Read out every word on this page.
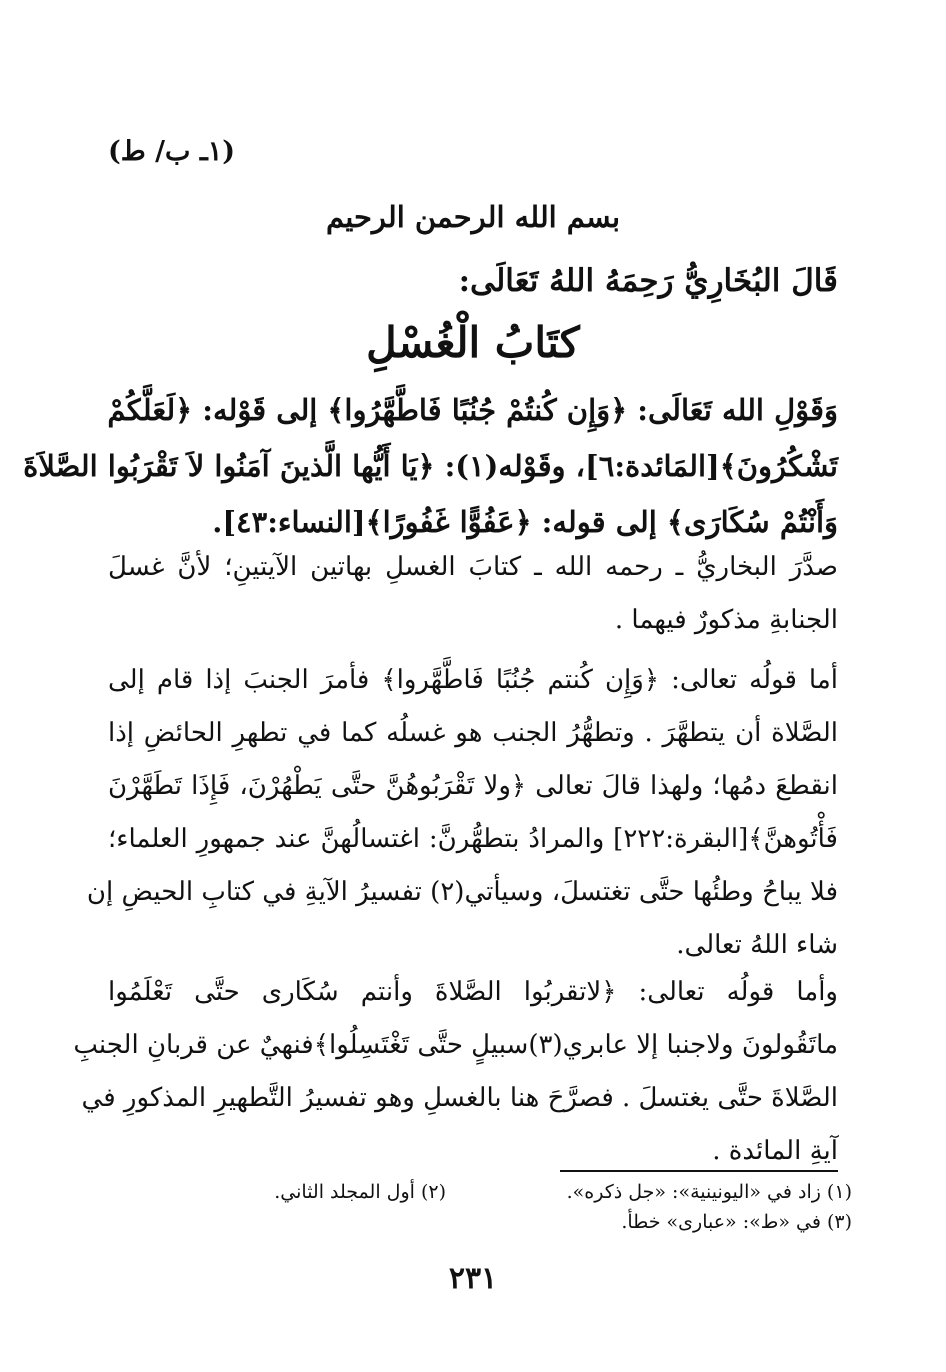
(١ـ ب/ ط)
بسم الله الرحمن الرحيم
قَالَ البُخَارِيُّ رَحِمَهُ اللهُ تَعَالَى:
كتَابُ الْغُسْلِ
وَقَوْلِ الله تَعَالَى: ﴿وَإِن كُنتُمْ جُنُبًا فَاطَّهَّرُوا﴾ إلى قَوْله: ﴿لَعَلَّكُمْ
تَشْكُرُونَ﴾[المَائدة:٦]، وقَوْله(١): ﴿يَا أَيُّها الَّذينَ آمَنُوا لاَ تَقْرَبُوا الصَّلاَةَ
وَأَنْتُمْ سُكَارَى﴾ إلى قوله: ﴿عَفُوًّا غَفُورًا﴾[النساء:٤٣].
صدَّرَ البخاريُّ ـ رحمه الله ـ كتابَ الغسلِ بهاتين الآيتينِ؛ لأنَّ غسلَ
الجنابةِ مذكورٌ فيهما .
أما قولُه تعالى: ﴿وَإِن كُنتم جُنُبًا فَاطَّهَّروا﴾ فأمرَ الجنبَ إذا قام إلى
الصَّلاة أن يتطهَّرَ . وتطهُّرُ الجنب هو غسلُه كما في تطهرِ الحائضِ إذا
انقطعَ دمُها؛ ولهذا قالَ تعالى ﴿ولا تَقْرَبُوهُنَّ حتَّى يَطْهُرْنَ، فَإِذَا تَطَهَّرْنَ
فَأْتُوهنَّ﴾[البقرة:٢٢٢] والمرادُ بتطهُّرنَّ: اغتسالُهنَّ عند جمهورِ العلماء؛
فلا يباحُ وطئُها حتَّى تغتسلَ، وسيأتي(٢) تفسيرُ الآيةِ في كتابِ الحيضِ إن
شاء اللهُ تعالى.
وأما قولُه تعالى: ﴿لاتقربُوا الصَّلاةَ وأنتم سُكَارى حتَّى تَعْلَمُوا
ماتَقُولونَ ولاجنبا إلا عابري(٣)سبيلٍ حتَّى تَغْتَسِلُوا﴾فنهيٌ عن قربانِ الجنبِ
الصَّلاةَ حتَّى يغتسلَ . فصرَّحَ هنا بالغسلِ وهو تفسيرُ التَّطهيرِ المذكورِ في
آيةِ المائدة .
(١) زاد في «اليونينية»: «جل ذكره».
(٢) أول المجلد الثاني.
(٣) في «ط»: «عبارى» خطأ.
٢٣١
